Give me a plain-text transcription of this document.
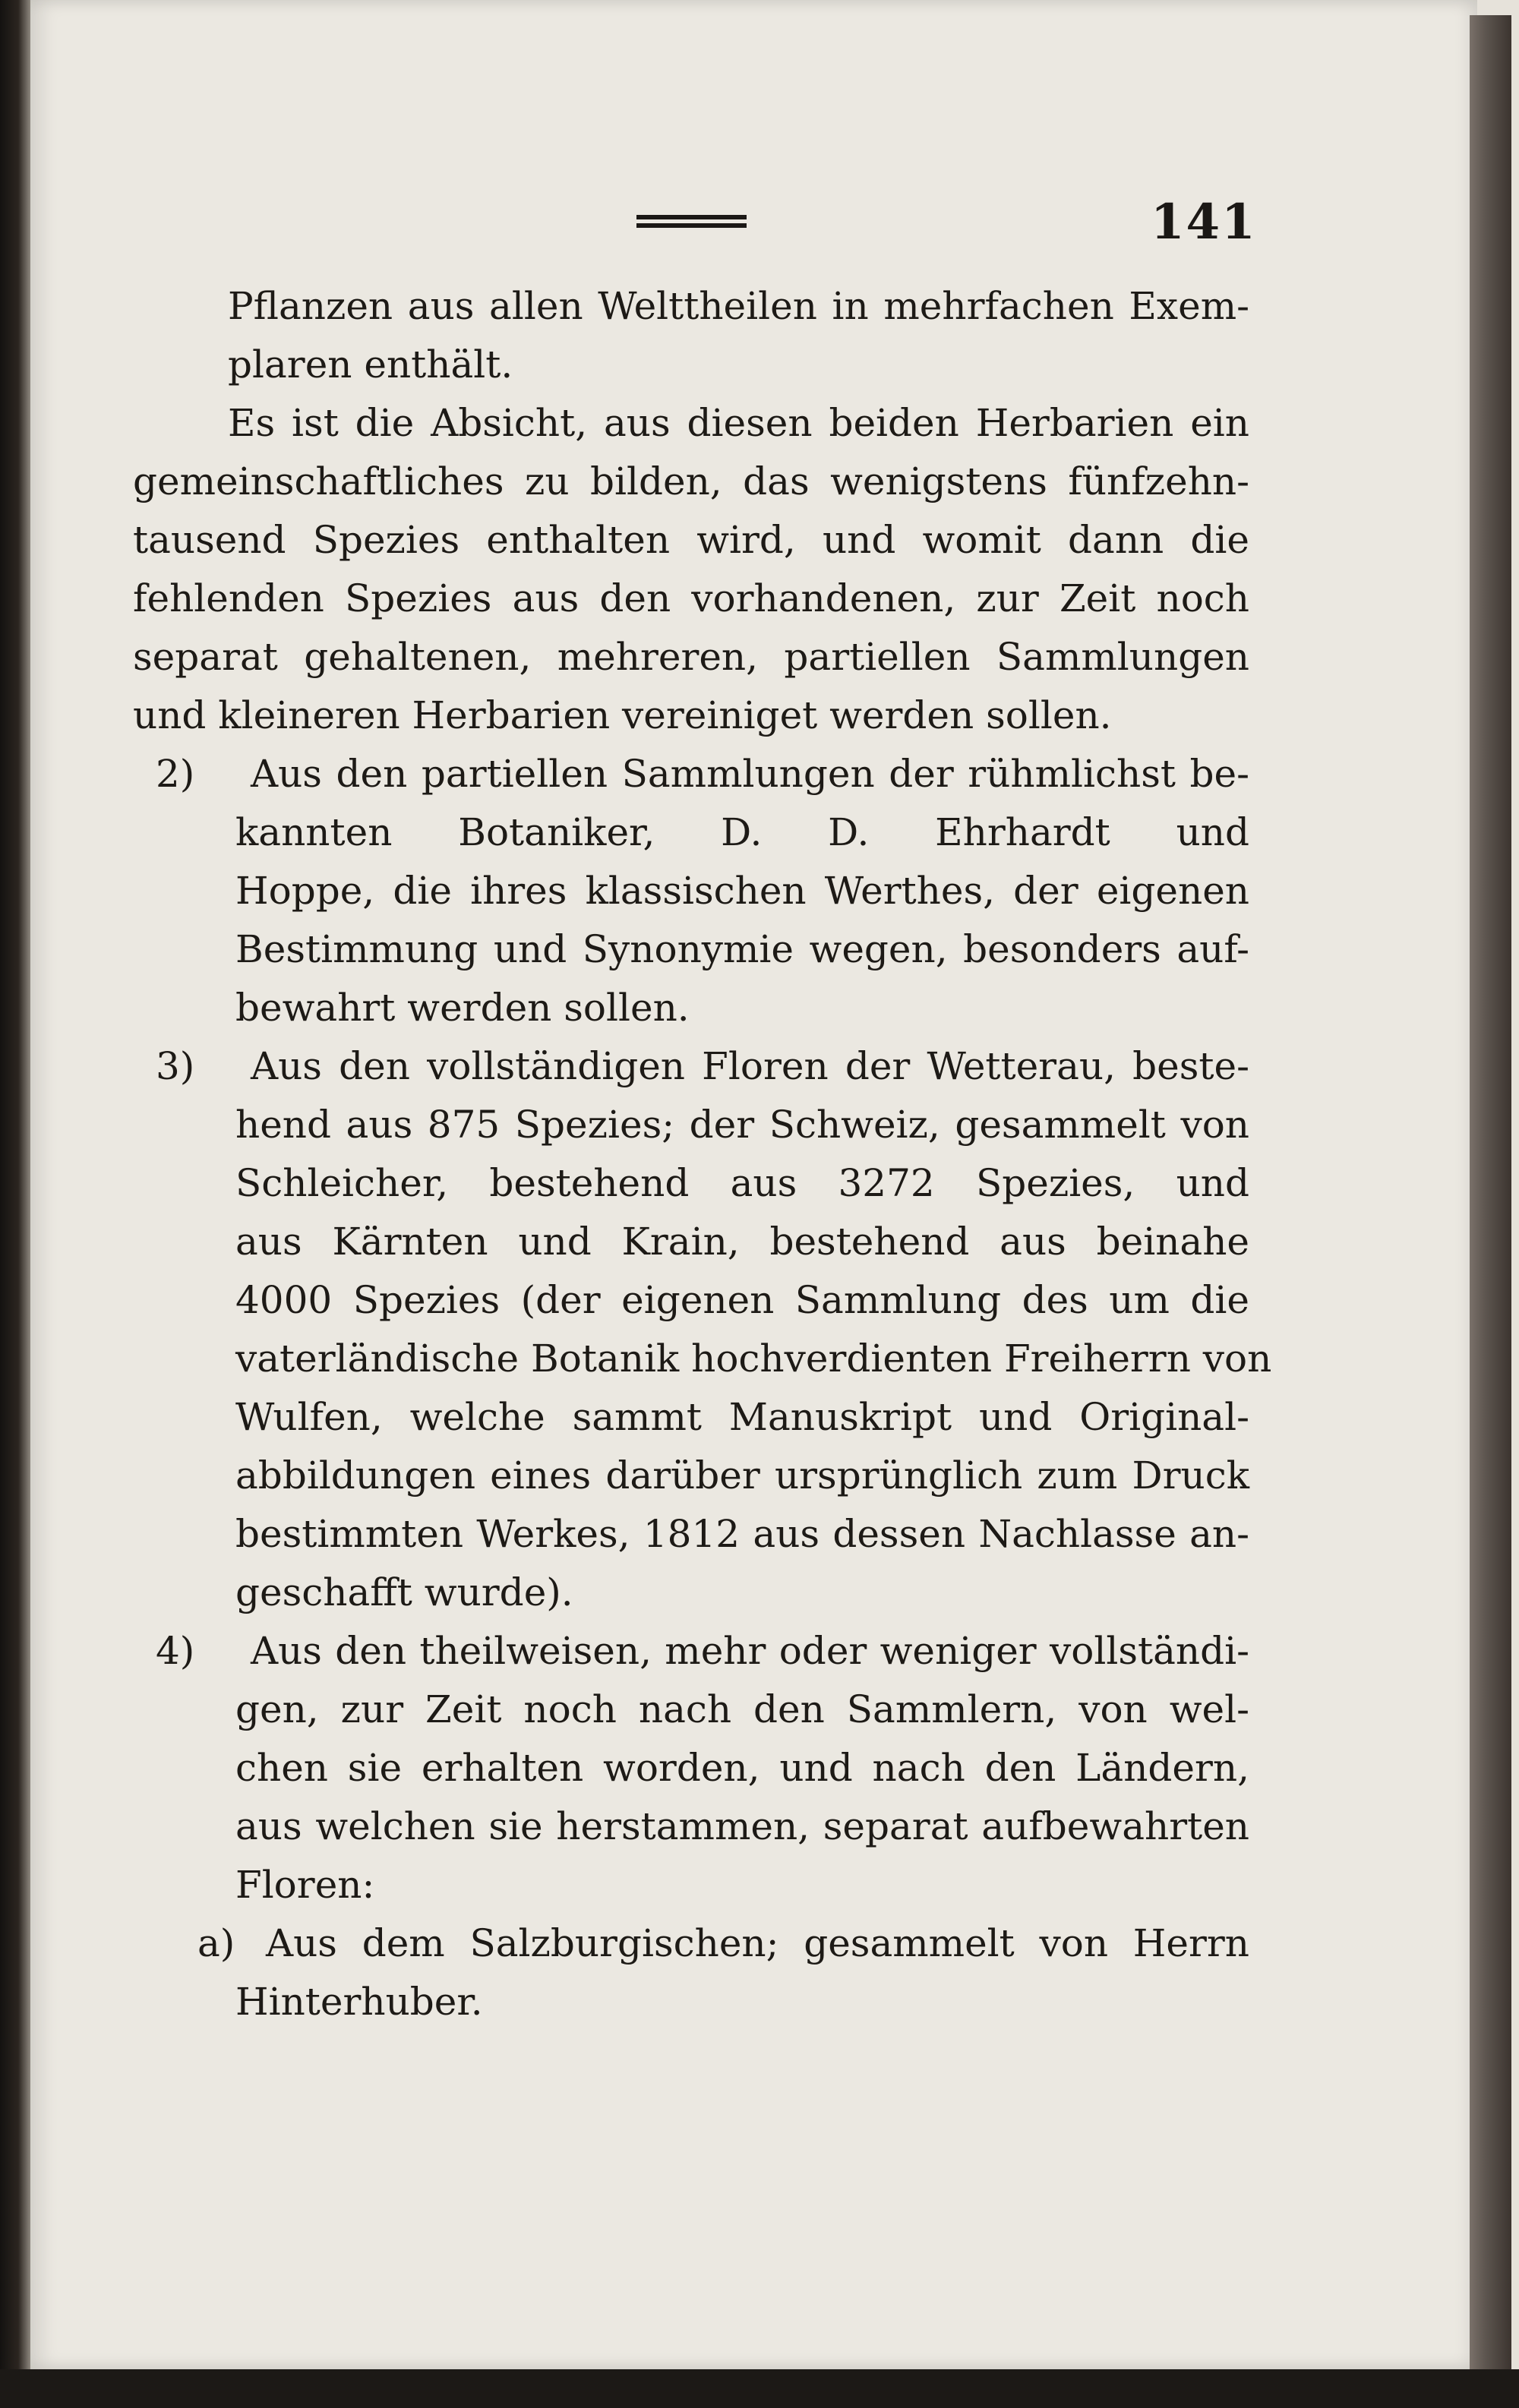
141
Pflanzen aus allen Welttheilen in mehrfachen Exem-
plaren enthält.
Es ist die Absicht, aus diesen beiden Herbarien ein
gemeinschaftliches zu bilden, das wenigstens fünfzehn-
tausend Spezies enthalten wird, und womit dann die
fehlenden Spezies aus den vorhandenen, zur Zeit noch
separat gehaltenen, mehreren, partiellen Sammlungen
und kleineren Herbarien vereiniget werden sollen.
2)	Aus den partiellen Sammlungen der rühmlichst be-
kannten Botaniker, D. D. Ehrhardt und
Hoppe, die ihres klassischen Werthes, der eigenen
Bestimmung und Synonymie wegen, besonders auf-
bewahrt werden sollen.
3)	Aus den vollständigen Floren der Wetterau, beste-
hend aus 875 Spezies; der Schweiz, gesammelt von
Schleicher, bestehend aus 3272 Spezies, und
aus Kärnten und Krain, bestehend aus beinahe
4000 Spezies (der eigenen Sammlung des um die
vaterländische Botanik hochverdienten Freiherrn von
Wulfen, welche sammt Manuskript und Original-
abbildungen eines darüber ursprünglich zum Druck
bestimmten Werkes, 1812 aus dessen Nachlasse an-
geschafft wurde).
4)	Aus den theilweisen, mehr oder weniger vollständi-
gen, zur Zeit noch nach den Sammlern, von wel-
chen sie erhalten worden, und nach den Ländern,
aus welchen sie herstammen, separat aufbewahrten
Floren:
a) Aus dem Salzburgischen; gesammelt von Herrn
Hinterhuber.
